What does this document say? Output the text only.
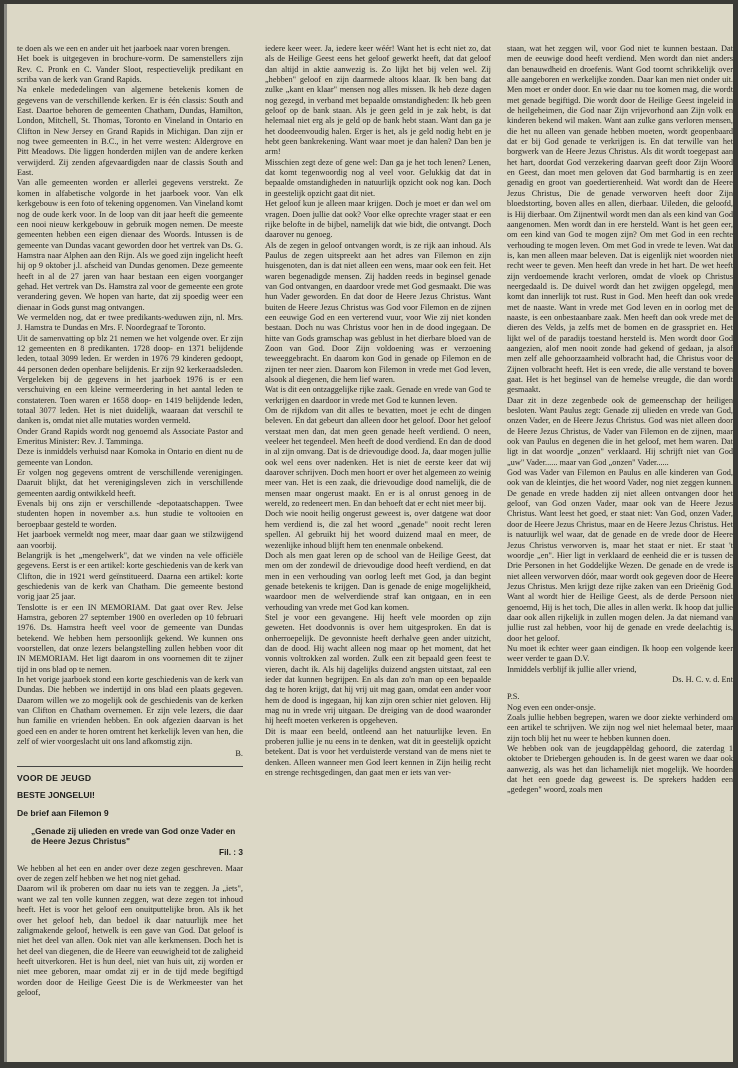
te doen als we een en ander uit het jaarboek naar voren brengen.

Het boek is uitgegeven in brochure-vorm. De samenstellers zijn Rev. C. Pronk en C. Vander Sloot, respectievelijk predikant en scriba van de kerk van Grand Rapids.

Na enkele mededelingen van algemene betekenis komen de gegevens van de verschillende kerken. Er is één classis: South and East. Daartoe behoren de gemeenten Chatham, Dundas, Hamilton, London, Mitchell, St. Thomas, Toronto en Vineland in Ontario en Clifton in New Jersey en Grand Rapids in Michigan. Dan zijn er nog twee gemeenten in B.C., in het verre westen: Aldergrove en Pitt Meadows. Die liggen honderden mijlen van de andere kerken verwijderd. Zij zenden afgevaardigden naar de classis South and East.

Van alle gemeenten worden er allerlei gegevens verstrekt. Ze komen in alfabetische volgorde in het jaarboek voor. Van elk kerkgebouw is een foto of tekening opgenomen. Van Vineland komt nog de oude kerk voor. In de loop van dit jaar heeft die gemeente een nooi nieuw kerkgebouw in gebruik mogen nemen. De meeste gemeenten hebben een eigen dienaar des Woords. Intussen is de gemeente van Dundas vacant geworden door het vertrek van Ds. G. Hamstra naar Alphen aan den Rijn. Als we goed zijn ingelicht heeft hij op 9 oktober j.l. afscheid van Dundas genomen. Deze gemeente heeft in al de 27 jaren van haar bestaan een eigen voorganger gehad. Het vertrek van Ds. Hamstra zal voor de gemeente een grote verandering geven. We hopen van harte, dat zij spoedig weer een dienaar in Gods gunst mag ontvangen.

We vermelden nog, dat er twee predikants-weduwen zijn, nl. Mrs. J. Hamstra te Dundas en Mrs. F. Noordegraaf te Toronto.

Uit de samenvatting op blz 21 nemen we het volgende over. Er zijn 12 gemeenten en 8 predikanten. 1728 doop- en 1371 belijdende leden, totaal 3099 leden. Er werden in 1976 79 kinderen gedoopt, 44 personen deden openbare belijdenis. Er zijn 92 kerkeraadsleden. Vergeleken bij de gegevens in het jaarboek 1976 is er een verschuiving en een kleine vermeerdering in het aantal leden te constateren. Toen waren er 1658 doop- en 1419 belijdende leden, totaal 3077 leden. Het is niet duidelijk, waaraan dat verschil te danken is, omdat niet alle mutaties worden vermeld.

Onder Grand Rapids wordt nog genoemd als Associate Pastor and Emeritus Minister: Rev. J. Tamminga.

Deze is inmiddels verhuisd naar Komoka in Ontario en dient nu de gemeente van London.

Er volgen nog gegevens omtrent de verschillende verenigingen. Daaruit blijkt, dat het verenigingsleven zich in verschillende gemeenten aardig ontwikkeld heeft.

Evenals bij ons zijn er verschillende -depotaatschappen. Twee studenten hopen in november a.s. hun studie te voltooien en beroepbaar gesteld te worden.

Het jaarboek vermeldt nog meer, maar daar gaan we stilzwijgend aan voorbij.

Belangrijk is het „mengelwerk", dat we vinden na vele officiële gegevens. Eerst is er een artikel: korte geschiedenis van de kerk van Clifton, die in 1921 werd geïnstitueerd. Daarna een artikel: korte geschiedenis van de kerk van Chatham. Die gemeente bestond vorig jaar 25 jaar.

Tenslotte is er een IN MEMORIAM. Dat gaat over Rev. Jelse Hamstra, geboren 27 september 1900 en overleden op 10 februari 1976. Ds. Hamstra heeft veel voor de gemeente van Dundas betekend. We hebben hem persoonlijk gekend. We kunnen ons voorstellen, dat onze lezers belangstelling zullen hebben voor dit IN MEMORIAM. Het ligt daarom in ons voornemen dit te zijner tijd in ons blad op te nemen.

In het vorige jaarboek stond een korte geschiedenis van de kerk van Dundas. Die hebben we indertijd in ons blad een plaats gegeven. Daarom willen we zo mogelijk ook de geschiedenis van de kerken van Clifton en Chatham overnemen. Er zijn vele lezers, die daar hun familie en vrienden hebben. En ook afgezien daarvan is het goed een en ander te horen omtrent het kerkelijk leven van hen, die zelf of wier voorgeslacht uit ons land afkomstig zijn.

B.

VOOR DE JEUGD

BESTE JONGELUI!

De brief aan Filemon 9

„Genade zij ulieden en vrede van God onze Vader en de Heere Jezus Christus"

Fil. : 3

We hebben al het een en ander over deze zegen geschreven. Maar over de zegen zelf hebben we het nog niet gehad.

Daarom wil ik proberen om daar nu iets van te zeggen. Ja „iets", want we zal ten volle kunnen zeggen, wat deze zegen tot inhoud heeft. Het is voor het geloof een onuitputtelijke bron. Als ik het over het geloof heb, dan bedoel ik daar natuurlijk mee het zaligmakende geloof, hetwelk is een gave van God. Dat geloof is niet het deel van allen. Ook niet van alle kerkmensen. Doch het is het deel van diegenen, die de Heere van eeuwigheid tot de zaligheid heeft uitverkoren. Het is hun deel, niet van huis uit, zij worden er niet mee geboren, maar omdat zij er in de tijd mede begiftigd worden door de Heilige Geest Die is de Werkmeester van het geloof,

iedere keer weer. Ja, iedere keer wéér! Want het is echt niet zo, dat als de Heilige Geest eens het geloof gewerkt heeft, dat dat geloof dan altijd in aktie aanwezig is. Zo lijkt het bij velen wel. Zij „hebben" geloof en zijn daarmede altoos klaar. Ik ben bang dat zulke „kant en klaar" mensen nog alles missen. Ik heb deze dagen nog gezegd, in verband met bepaalde omstandigheden: Ik heb geen geloof op de bank staan. Als je geen geld in je zak hebt, is dat helemaal niet erg als je geld op de bank hebt staan. Want dan ga je het doodeenvoudig halen. Erger is het, als je geld nodig hebt en je hebt geen bankrekening. Want waar moet je dan halen? Dan ben je arm!

Misschien zegt deze of gene wel: Dan ga je het toch lenen? Lenen, dat komt tegenwoordig nog al veel voor. Gelukkig dat dat in bepaalde omstandigheden in natuurlijk opzicht ook nog kan. Doch in geestelijk opzicht gaat dit niet.

Het geloof kun je alleen maar krijgen. Doch je moet er dan wel om vragen. Doen jullie dat ook? Voor elke oprechte vrager staat er een rijke belofte in de bijbel, namelijk dat wie bidt, die ontvangt. Doch daarover nu genoeg.

Als de zegen in geloof ontvangen wordt, is ze rijk aan inhoud. Als Paulus de zegen uitspreekt aan het adres van Filemon en zijn huisgenoten, dan is dat niet alleen een wens, maar ook een feit. Het waren begenadigde mensen. Zij hadden reeds in beginsel genade van God ontvangen, en daardoor vrede met God gesmaakt. Die was hun Vader geworden. En dat door de Heere Jezus Christus. Want buiten de Heere Jezus Christus was God voor Filemon en de zijnen een eeuwige God en een verterend vuur, voor Wie zij niet konden bestaan. Doch nu was Christus voor hen in de dood ingegaan. De hitte van Gods gramschap was geblust in het dierbare bloed van de Zoon van God. Door Zijn voldoening was er verzoening teweeggebracht. En daarom kon God in genade op Filemon en de zijnen ter neer zien. Daarom kon Filemon in vrede met God leven, alsook al diegenen, die hem lief waren.

Wat is dit een ontzaggelijke rijke zaak. Genade en vrede van God te verkrijgen en daardoor in vrede met God te kunnen leven.

Om de rijkdom van dit alles te bevatten, moet je echt de dingen beleven. En dat gebeurt dan alleen door het geloof. Door het geloof verstaat men dan, dat men geen genade heeft verdiend. O neen, veeleer het tegendeel. Men heeft de dood verdiend. En dan de dood in al zijn omvang. Dat is de drievoudige dood. Ja, daar mogen jullie ook wel eens over nadenken. Het is niet de eerste keer dat wij daarover schrijven. Doch men hoort er over het algemeen zo weinig meer van. Het is een zaak, die drievoudige dood namelijk, die de mensen maar ongerust maakt. En er is al onrust genoeg in de wereld, zo redeneert men. En dan behoeft dat er echt niet meer bij.

Doch wie nooit heilig ongerust geweest is, over datgene wat door hem verdiend is, die zal het woord „genade" nooit recht leren spellen. Al gebruikt hij het woord duizend maal en meer, de wezenlijke inhoud blijft hem ten enenmale onbekend.

Doch als men gaat leren op de school van de Heilige Geest, dat men om der zondewil de drievoudige dood heeft verdiend, en dat men in een verhouding van oorlog leeft met God, ja dan begint genade betekenis te krijgen. Dan is genade de enige mogelijkheid, waardoor men de welverdiende straf kan ontgaan, en in een verhouding van vrede met God kan komen.

Stel je voor een gevangene. Hij heeft vele moorden op zijn geweten. Het doodvonnis is over hem uitgesproken. En dat is onherroepelijk. De gevonniste heeft derhalve geen ander uitzicht, dan de dood. Hij wacht alleen nog maar op het moment, dat het vonnis voltrokken zal worden. Zulk een zit bepaald geen feest te vieren, dacht ik. Als hij dagelijks duizend angsten uitstaat, zal een ieder dat kunnen begrijpen. En als dan zo'n man op een bepaalde dag te horen krijgt, dat hij vrij uit mag gaan, omdat een ander voor hem de dood is ingegaan, hij kan zijn oren schier niet geloven. Hij mag nu in vrede vrij uitgaan. De dreiging van de dood waaronder hij heeft moeten verkeren is opgeheven.

Dit is maar een beeld, ontleend aan het natuurlijke leven. En proberen jullie je nu eens in te denken, wat dit in geestelijk opzicht betekent. Dat is voor het verduisterde verstand van de mens niet te denken. Alleen wanneer men God leert kennen in Zijn heilig recht en strenge rechtsgedingen, dan gaat men er iets van ver-

staan, wat het zeggen wil, voor God niet te kunnen bestaan. Dat men de eeuwige dood heeft verdiend. Men wordt dan niet anders dan benauwdheid en droefenis. Want God toornt schrikkelijk over alle aangeboren en werkelijke zonden. Daar kan men niet onder uit. Men moet er onder door. En wie daar nu toe komen mag, die wordt met genade begiftigd. Die wordt door de Heilige Geest ingeleid in de heilgeheimen, die God naar Zijn vrijevorhond aan Zijn volk en kinderen bekend wil maken. Want aan zulke gans verloren mensen, die het nu alleen van genade hebben moeten, wordt geopenbaard dat er bij God genade te verkrijgen is. En dat terwille van het borgwerk van de Heere Jezus Christus. Als dit wordt toegepast aan het hart, doordat God verzekering daarvan geeft door Zijn Woord en Geest, dan moet men geloven dat God barmhartig is en zeer genadig en groot van goedertierenheid. Wat wordt dan de Heere Jezus Christus, Die de genade verworven heeft door Zijn bloedstorting, boven alles en allen, dierbaar. Uileden, die geloofd, is Hij dierbaar. Om Zijnentwil wordt men dan als een kind van God aangenomen. Men wordt dan in ere hersteld. Want is het geen eer, om een kind van God te mogen zijn? Om met God in een rechte verhouding te mogen leven. Om met God in vrede te leven. Wat dat is, kan men alleen maar beleven. Dat is eigenlijk niet woorden niet recht weer te geven. Men heeft dan vrede in het hart. De wet heeft zijn verdoemende kracht verloren, omdat de vloek op Christus neergedaald is. De duivel wordt dan het zwijgen opgelegd, men komt dan innerlijk tot rust. Rust in God. Men heeft dan ook vrede met de naaste. Want in vrede met God leven en in oorlog met de naaste, is een onbestaanbare zaak. Men heeft dan ook vrede met de dieren des Velds, ja zelfs met de bomen en de grasspriet en. Het lijkt wel of de paradijs toestand hersteld is. Men wordt door God aangezien, alof men nooit zonde had gekend of gedaan, ja alsof men zelf alle gehoorzaamheid volbracht had, die Christus voor de Zijnen volbracht heeft. Het is een vrede, die alle verstand te boven gaat. Het is het beginsel van de hemelse vreugde, die dan wordt gesmaakt.

Daar zit in deze zegenbede ook de gemeenschap der heiligen besloten. Want Paulus zegt: Genade zij ulieden en vrede van God, onzen Vader, en de Heere Jezus Christus. God was niet alleen door de Heere Jezus Christus, de Vader van Filemon en de zijnen, maar ook van Paulus en degenen die in het geloof, met hem waren. Dat ligt in dat woordje „onzen" verklaard. Hij schrijft niet van God „uw" Vader...... maar van God „onzen" Vader......

God was Vader van Filemon en Paulus en alle kinderen van God, ook van de kleintjes, die het woord Vader, nog niet zeggen kunnen. De genade en vrede hadden zij niet alleen ontvangen door het geloof, van God onzen Vader, maar ook van de Heere Jezus Christus. Want leest het goed, er staat niet: Van God, onzen Vader, door de Heere Jezus Christus, maar en de Heere Jezus Christus. Het is natuurlijk wel waar, dat de genade en de vrede door de Heere Jezus Christus verworven is, maar het staat er niet. Er staat 't woordje „en". Hier ligt in verklaard de eenheid die er is tussen de Drie Personen in het Goddelijke Wezen. De genade en de vrede is niet alleen verworven dóór, maar wordt ook gegeven door de Heere Jezus Christus. Men krijgt deze rijke zaken van een Drieënig God. Want al wordt hier de Heilige Geest, als de derde Persoon niet genoemd, Hij is het toch, Die alles in allen werkt. Ik hoop dat jullie daar ook allen rijkelijk in zullen mogen delen. Ja dat niemand van jullie rust zal hebben, voor hij de genade en vrede deelachtig is, door het geloof.

Nu moet ik echter weer gaan eindigen. Ik hoop een volgende keer weer verder te gaan D.V.

Inmiddels verblijf ik jullie aller vriend,

Ds. H. C. v. d. Ent

P.S.

Nog even een onder-onsje.

Zoals jullie hebben begrepen, waren we door ziekte verhinderd om een artikel te schrijven. We zijn nog wel niet helemaal beter, maar zijn toch blij het nu weer te hebben kunnen doen.

We hebben ook van de jeugdappèldag gehoord, die zaterdag 1 oktober te Driebergen gehouden is. In de geest waren we daar ook aanwezig, als was het dan lichamelijk niet mogelijk. We hoorden dat het een goede dag geweest is. De sprekers hadden een „gedegen" woord, zoals men
